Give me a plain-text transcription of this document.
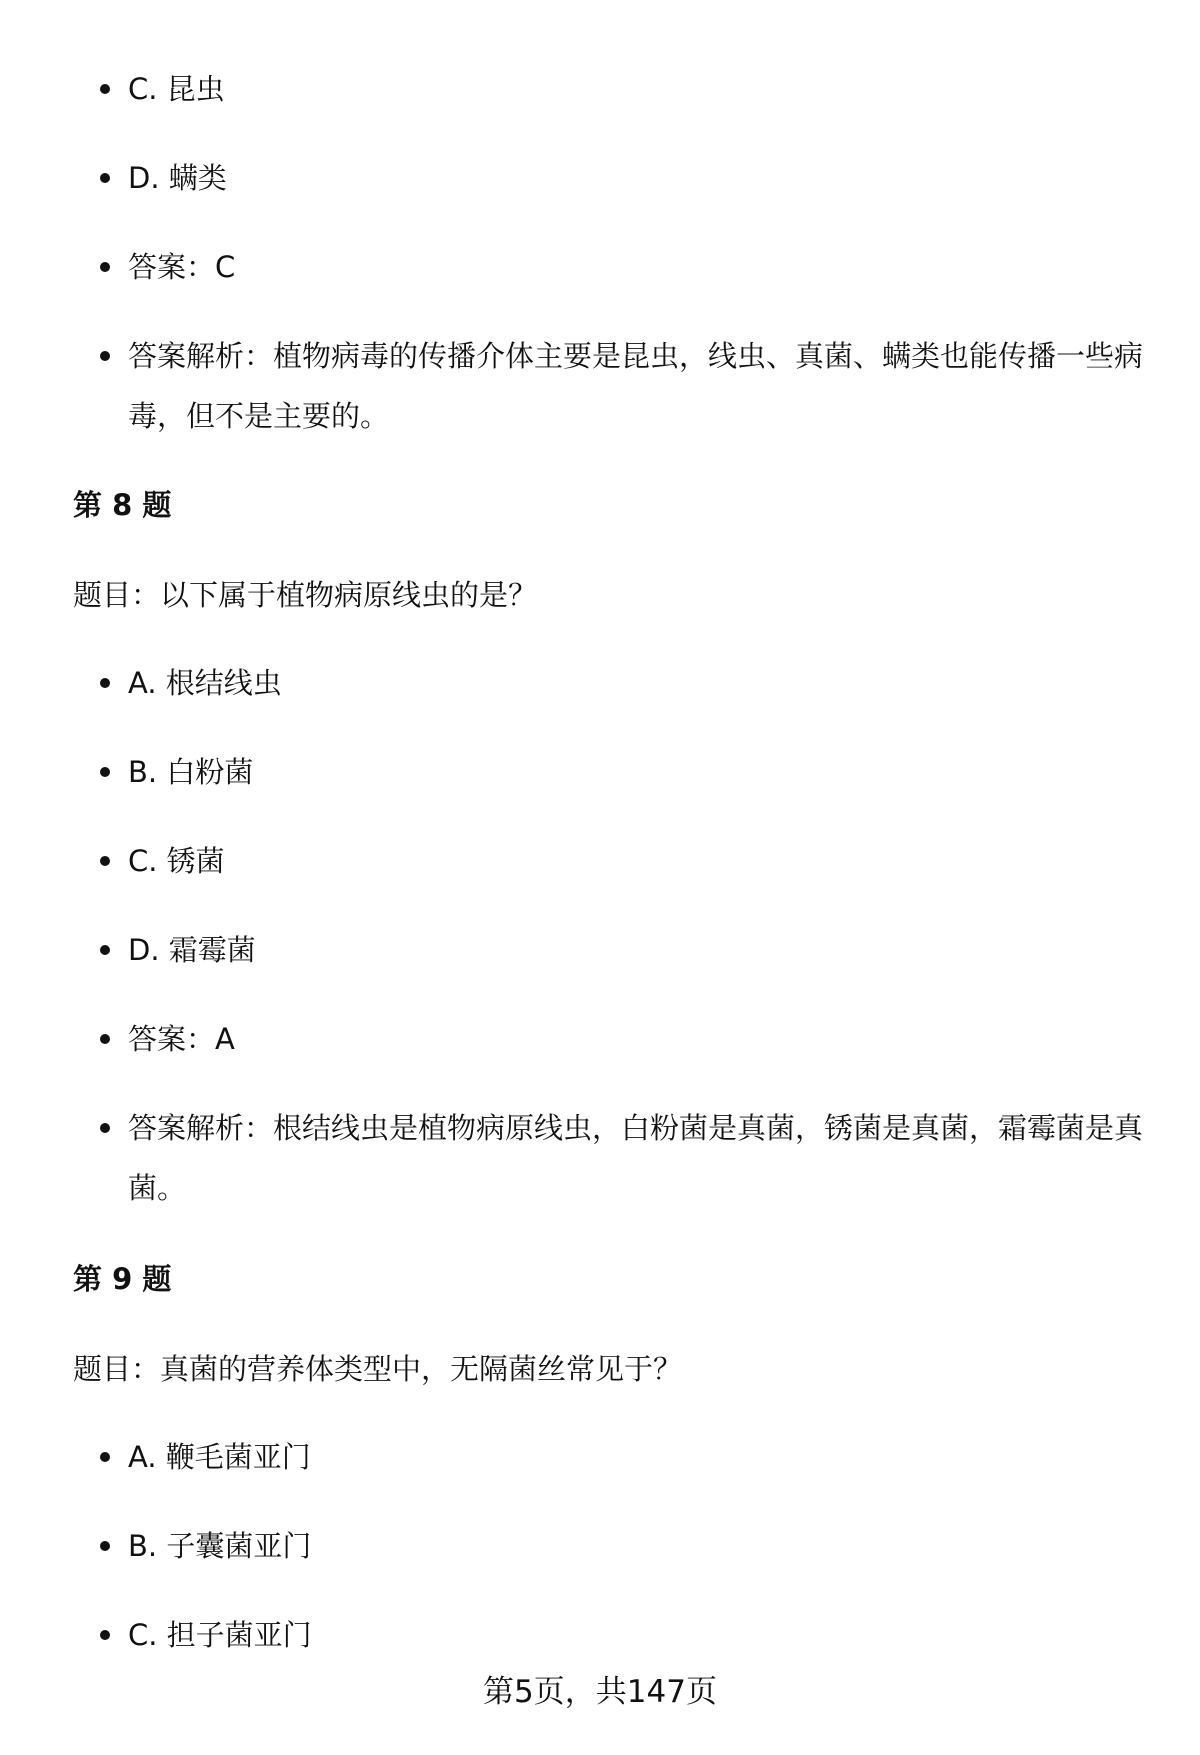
C. 昆虫
D. 螨类
答案：C
答案解析：植物病毒的传播介体主要是昆虫，线虫、真菌、螨类也能传播一些病毒，但不是主要的。
第 8 题
题目：以下属于植物病原线虫的是？
A. 根结线虫
B. 白粉菌
C. 锈菌
D. 霜霉菌
答案：A
答案解析：根结线虫是植物病原线虫，白粉菌是真菌，锈菌是真菌，霜霉菌是真菌。
第 9 题
题目：真菌的营养体类型中，无隔菌丝常见于？
A. 鞭毛菌亚门
B. 子囊菌亚门
C. 担子菌亚门
第5页，共147页
